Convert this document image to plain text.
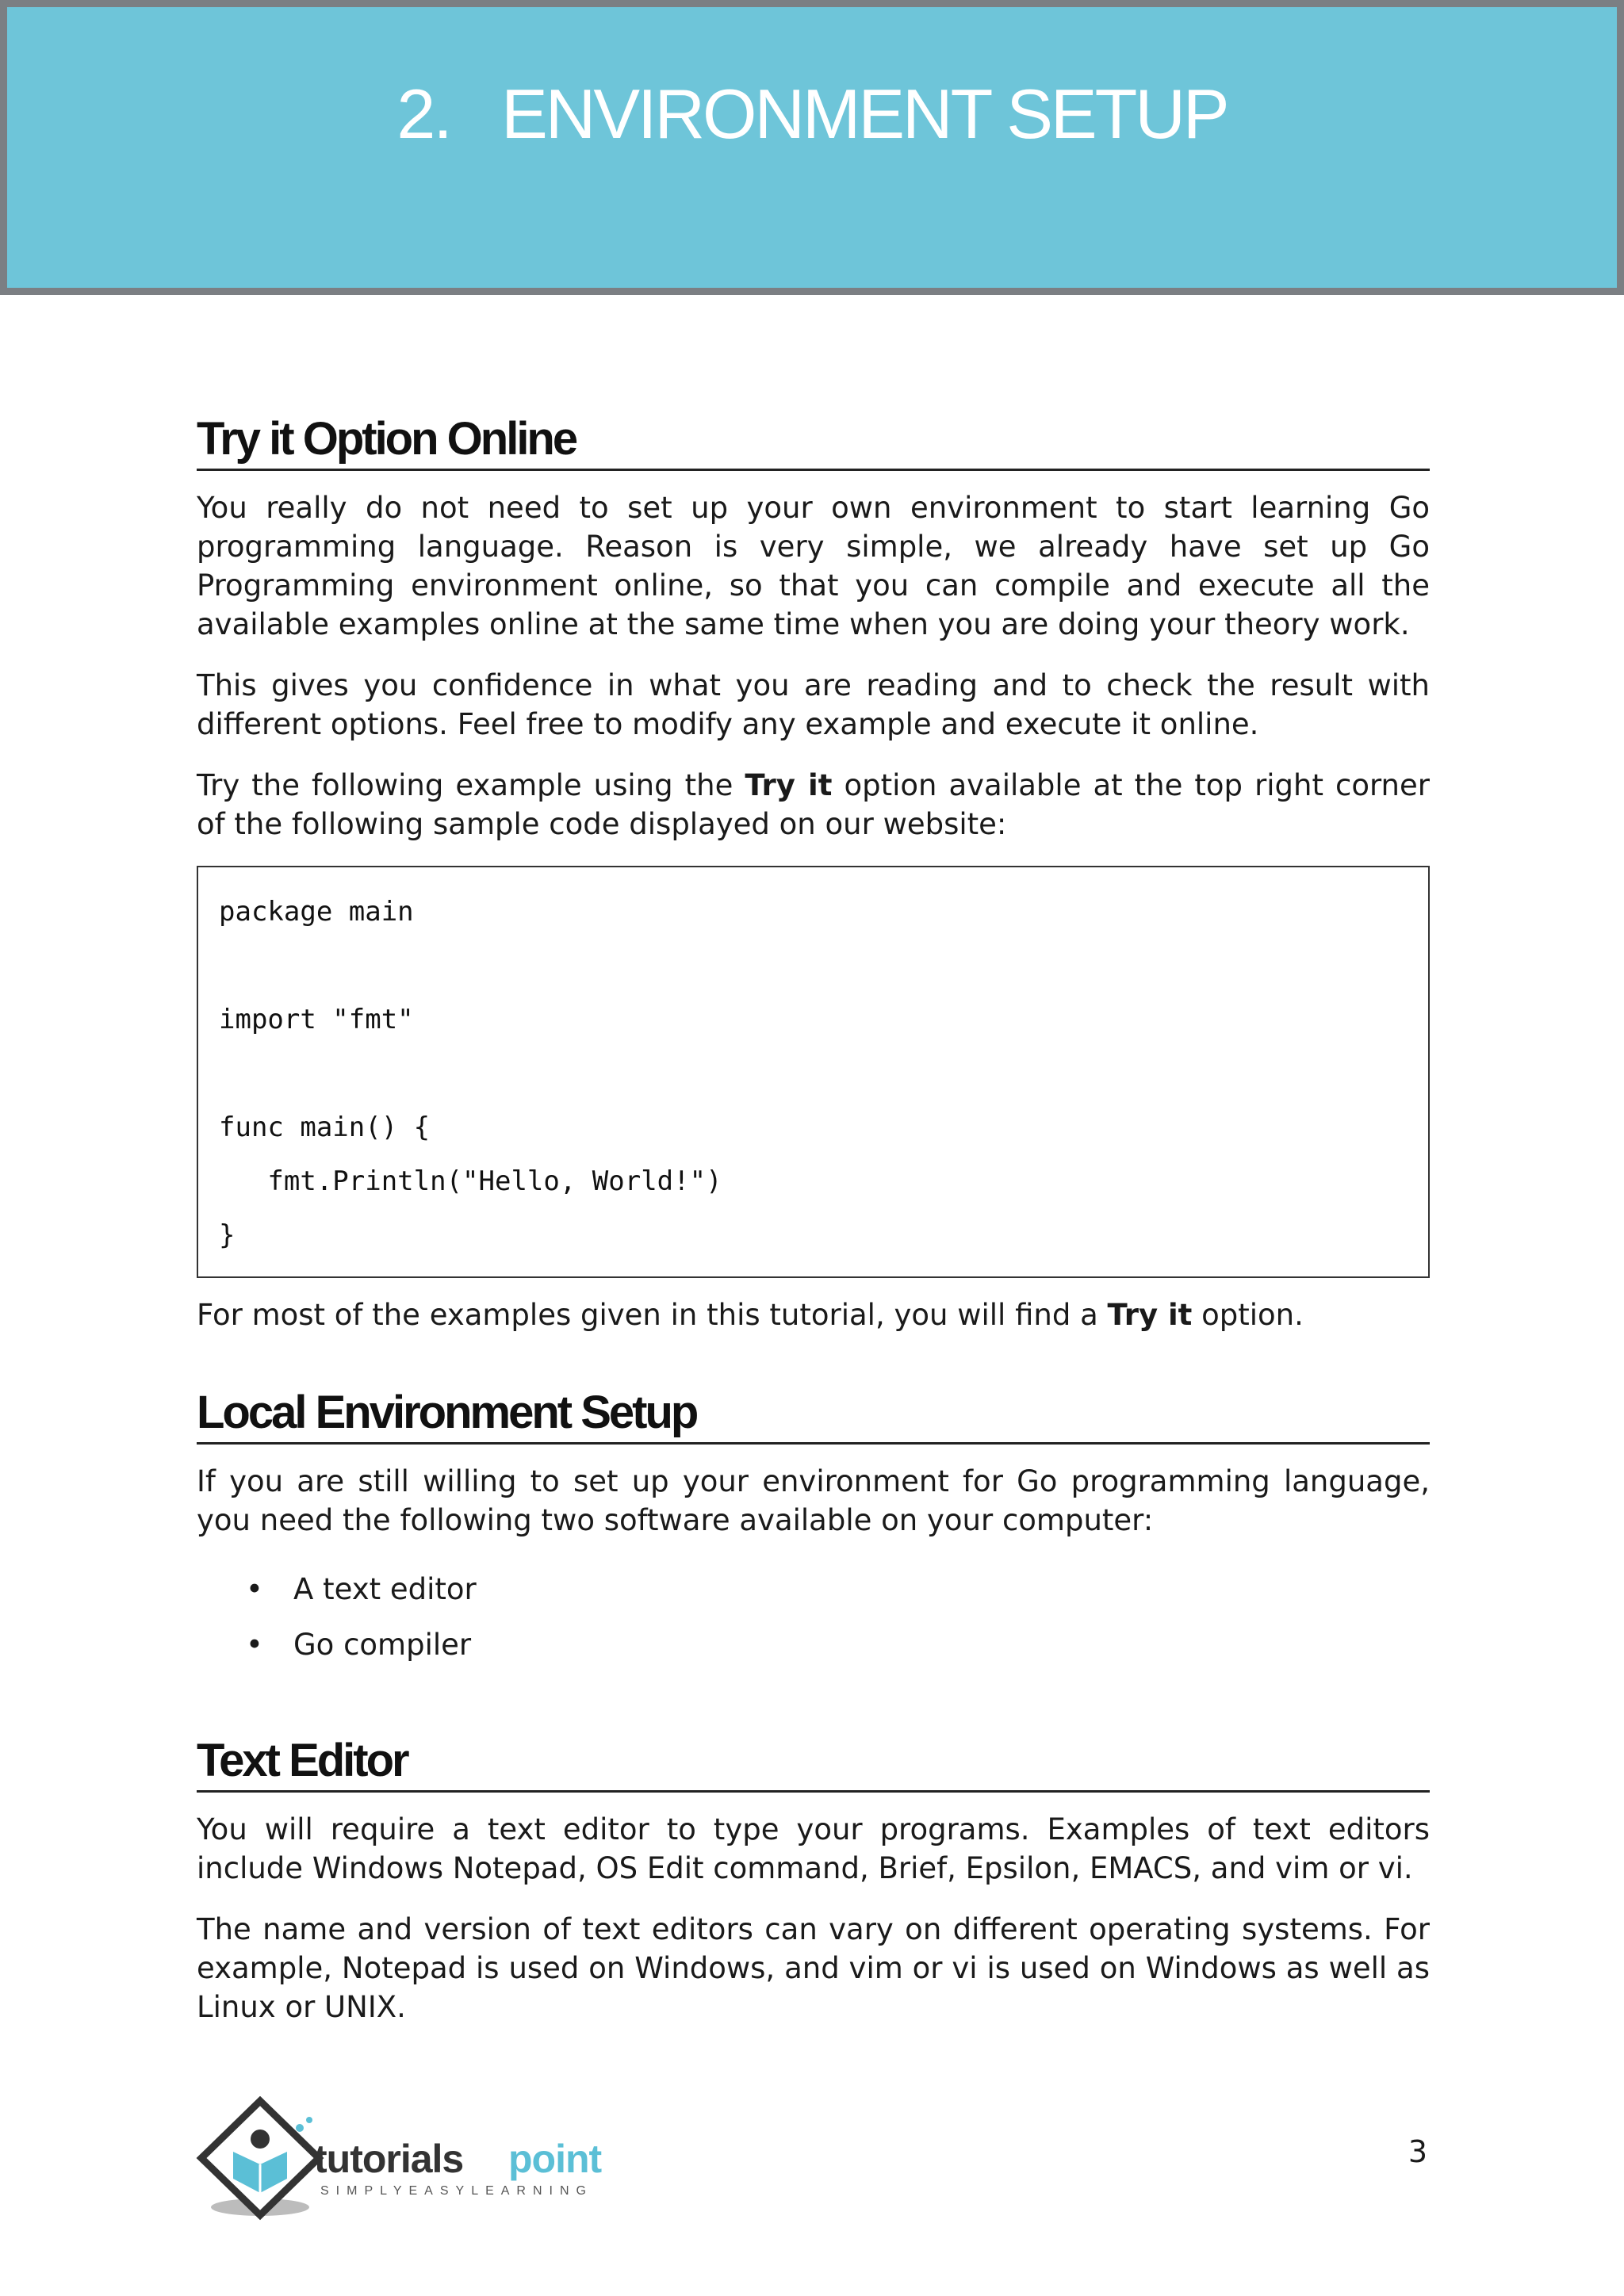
2.   ENVIRONMENT SETUP
Try it Option Online

You really do not need to set up your own environment to start learning Go programming language. Reason is very simple, we already have set up Go Programming environment online, so that you can compile and execute all the available examples online at the same time when you are doing your theory work.

This gives you confidence in what you are reading and to check the result with different options. Feel free to modify any example and execute it online.

Try the following example using the Try it option available at the top right corner of the following sample code displayed on our website:

package main
import "fmt"
func main() {
fmt.Println("Hello, World!")
}

For most of the examples given in this tutorial, you will find a Try it option.

Local Environment Setup

If you are still willing to set up your environment for Go programming language, you need the following two software available on your computer:

• A text editor
• Go compiler
Text Editor

You will require a text editor to type your programs. Examples of text editors include Windows Notepad, OS Edit command, Brief, Epsilon, EMACS, and vim or vi.

The name and version of text editors can vary on different operating systems. For example, Notepad is used on Windows, and vim or vi is used on Windows as well as Linux or UNIX.

tutorials point
SIMPLYEASYLEARNING
3
